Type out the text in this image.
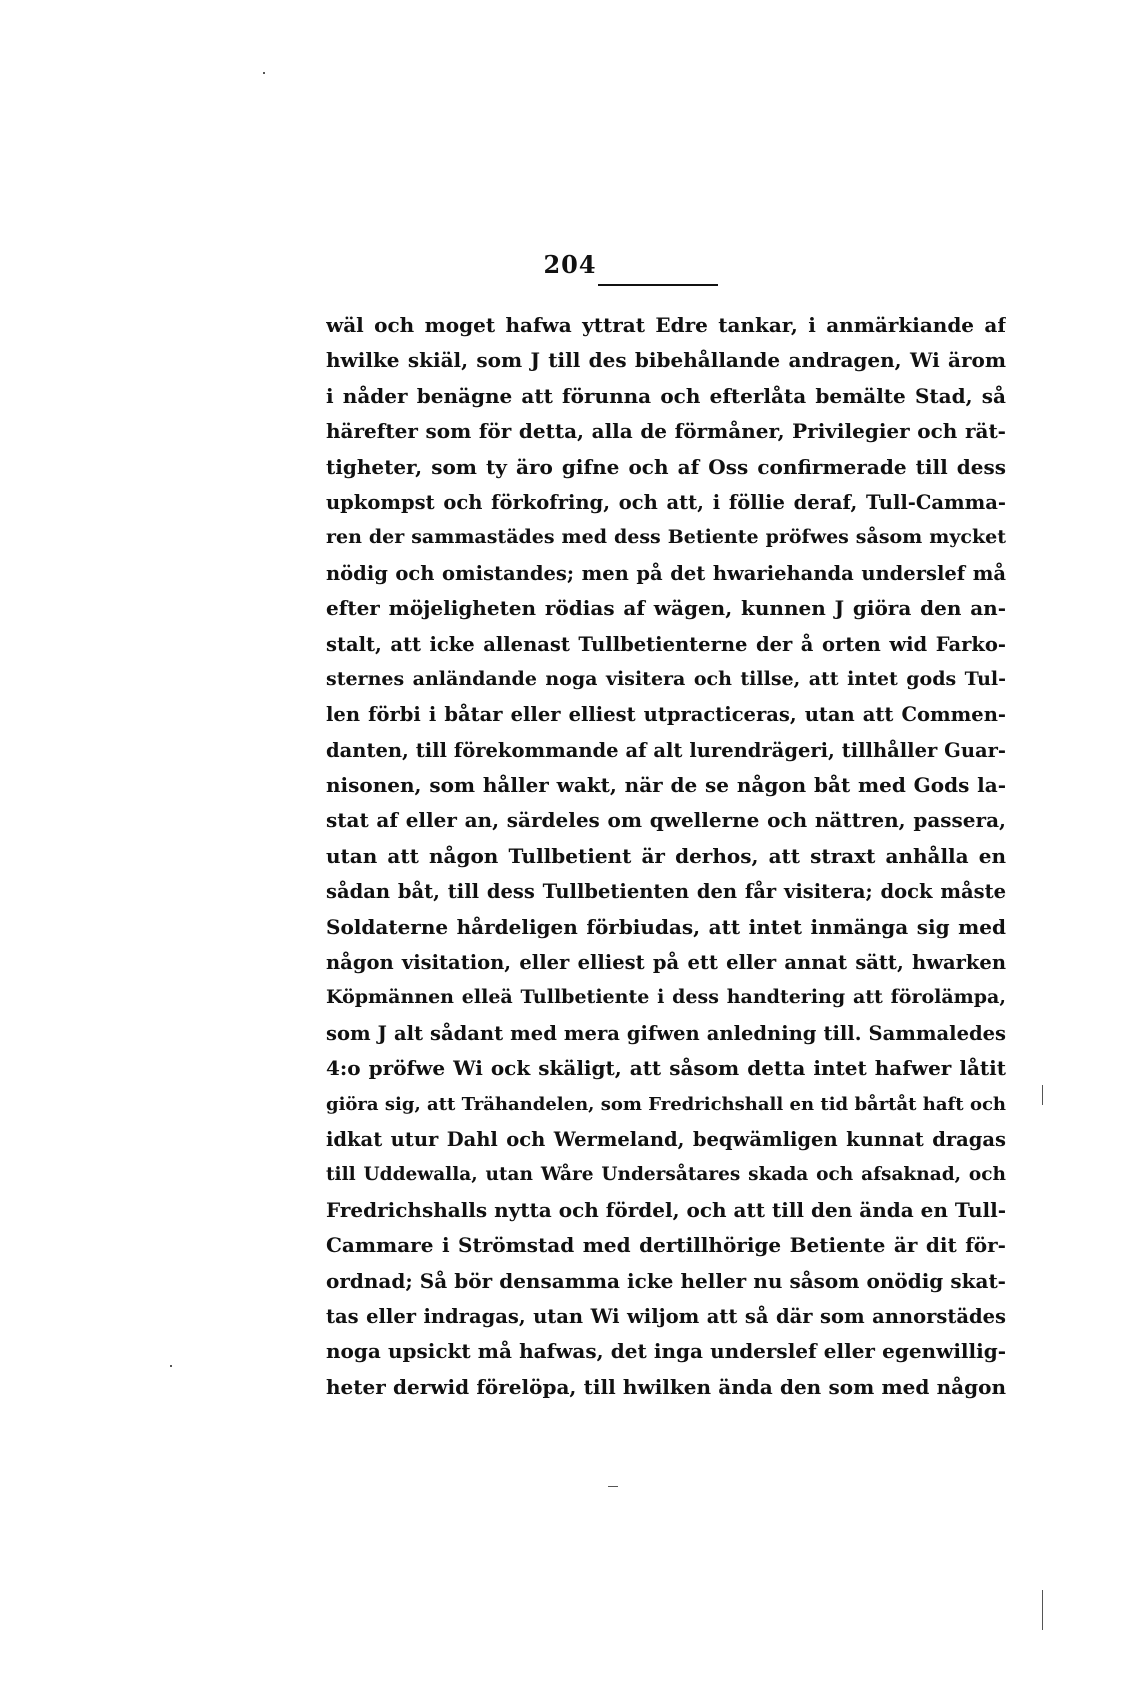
204
wäl och moget hafwa yttrat Edre tankar, i anmärkiande af
hwilke skiäl, som J till des bibehållande andragen, Wi ärom
i nåder benägne att förunna och efterlåta bemälte Stad, så
härefter som för detta, alla de förmåner, Privilegier och rät-
tigheter, som ty äro gifne och af Oss confirmerade till dess
upkompst och förkofring, och att, i föllie deraf, Tull-Camma-
ren der sammastädes med dess Betiente pröfwes såsom mycket
nödig och omistandes; men på det hwariehanda underslef må
efter möjeligheten rödias af wägen, kunnen J giöra den an-
stalt, att icke allenast Tullbetienterne der å orten wid Farko-
sternes anländande noga visitera och tillse, att intet gods Tul-
len förbi i båtar eller elliest utpracticeras, utan att Commen-
danten, till förekommande af alt lurendrägeri, tillhåller Guar-
nisonen, som håller wakt, när de se någon båt med Gods la-
stat af eller an, särdeles om qwellerne och nättren, passera,
utan att någon Tullbetient är derhos, att straxt anhålla en
sådan båt, till dess Tullbetienten den får visitera; dock måste
Soldaterne hårdeligen förbiudas, att intet inmänga sig med
någon visitation, eller elliest på ett eller annat sätt, hwarken
Köpmännen elleä Tullbetiente i dess handtering att förolämpa,
som J alt sådant med mera gifwen anledning till. Sammaledes
4:o pröfwe Wi ock skäligt, att såsom detta intet hafwer låtit
giöra sig, att Trähandelen, som Fredrichshall en tid bårtåt haft och
idkat utur Dahl och Wermeland, beqwämligen kunnat dragas
till Uddewalla, utan Wåre Undersåtares skada och afsaknad, och
Fredrichshalls nytta och fördel, och att till den ända en Tull-
Cammare i Strömstad med dertillhörige Betiente är dit för-
ordnad; Så bör densamma icke heller nu såsom onödig skat-
tas eller indragas, utan Wi wiljom att så där som annorstädes
noga upsickt må hafwas, det inga underslef eller egenwillig-
heter derwid förelöpa, till hwilken ända den som med någon
